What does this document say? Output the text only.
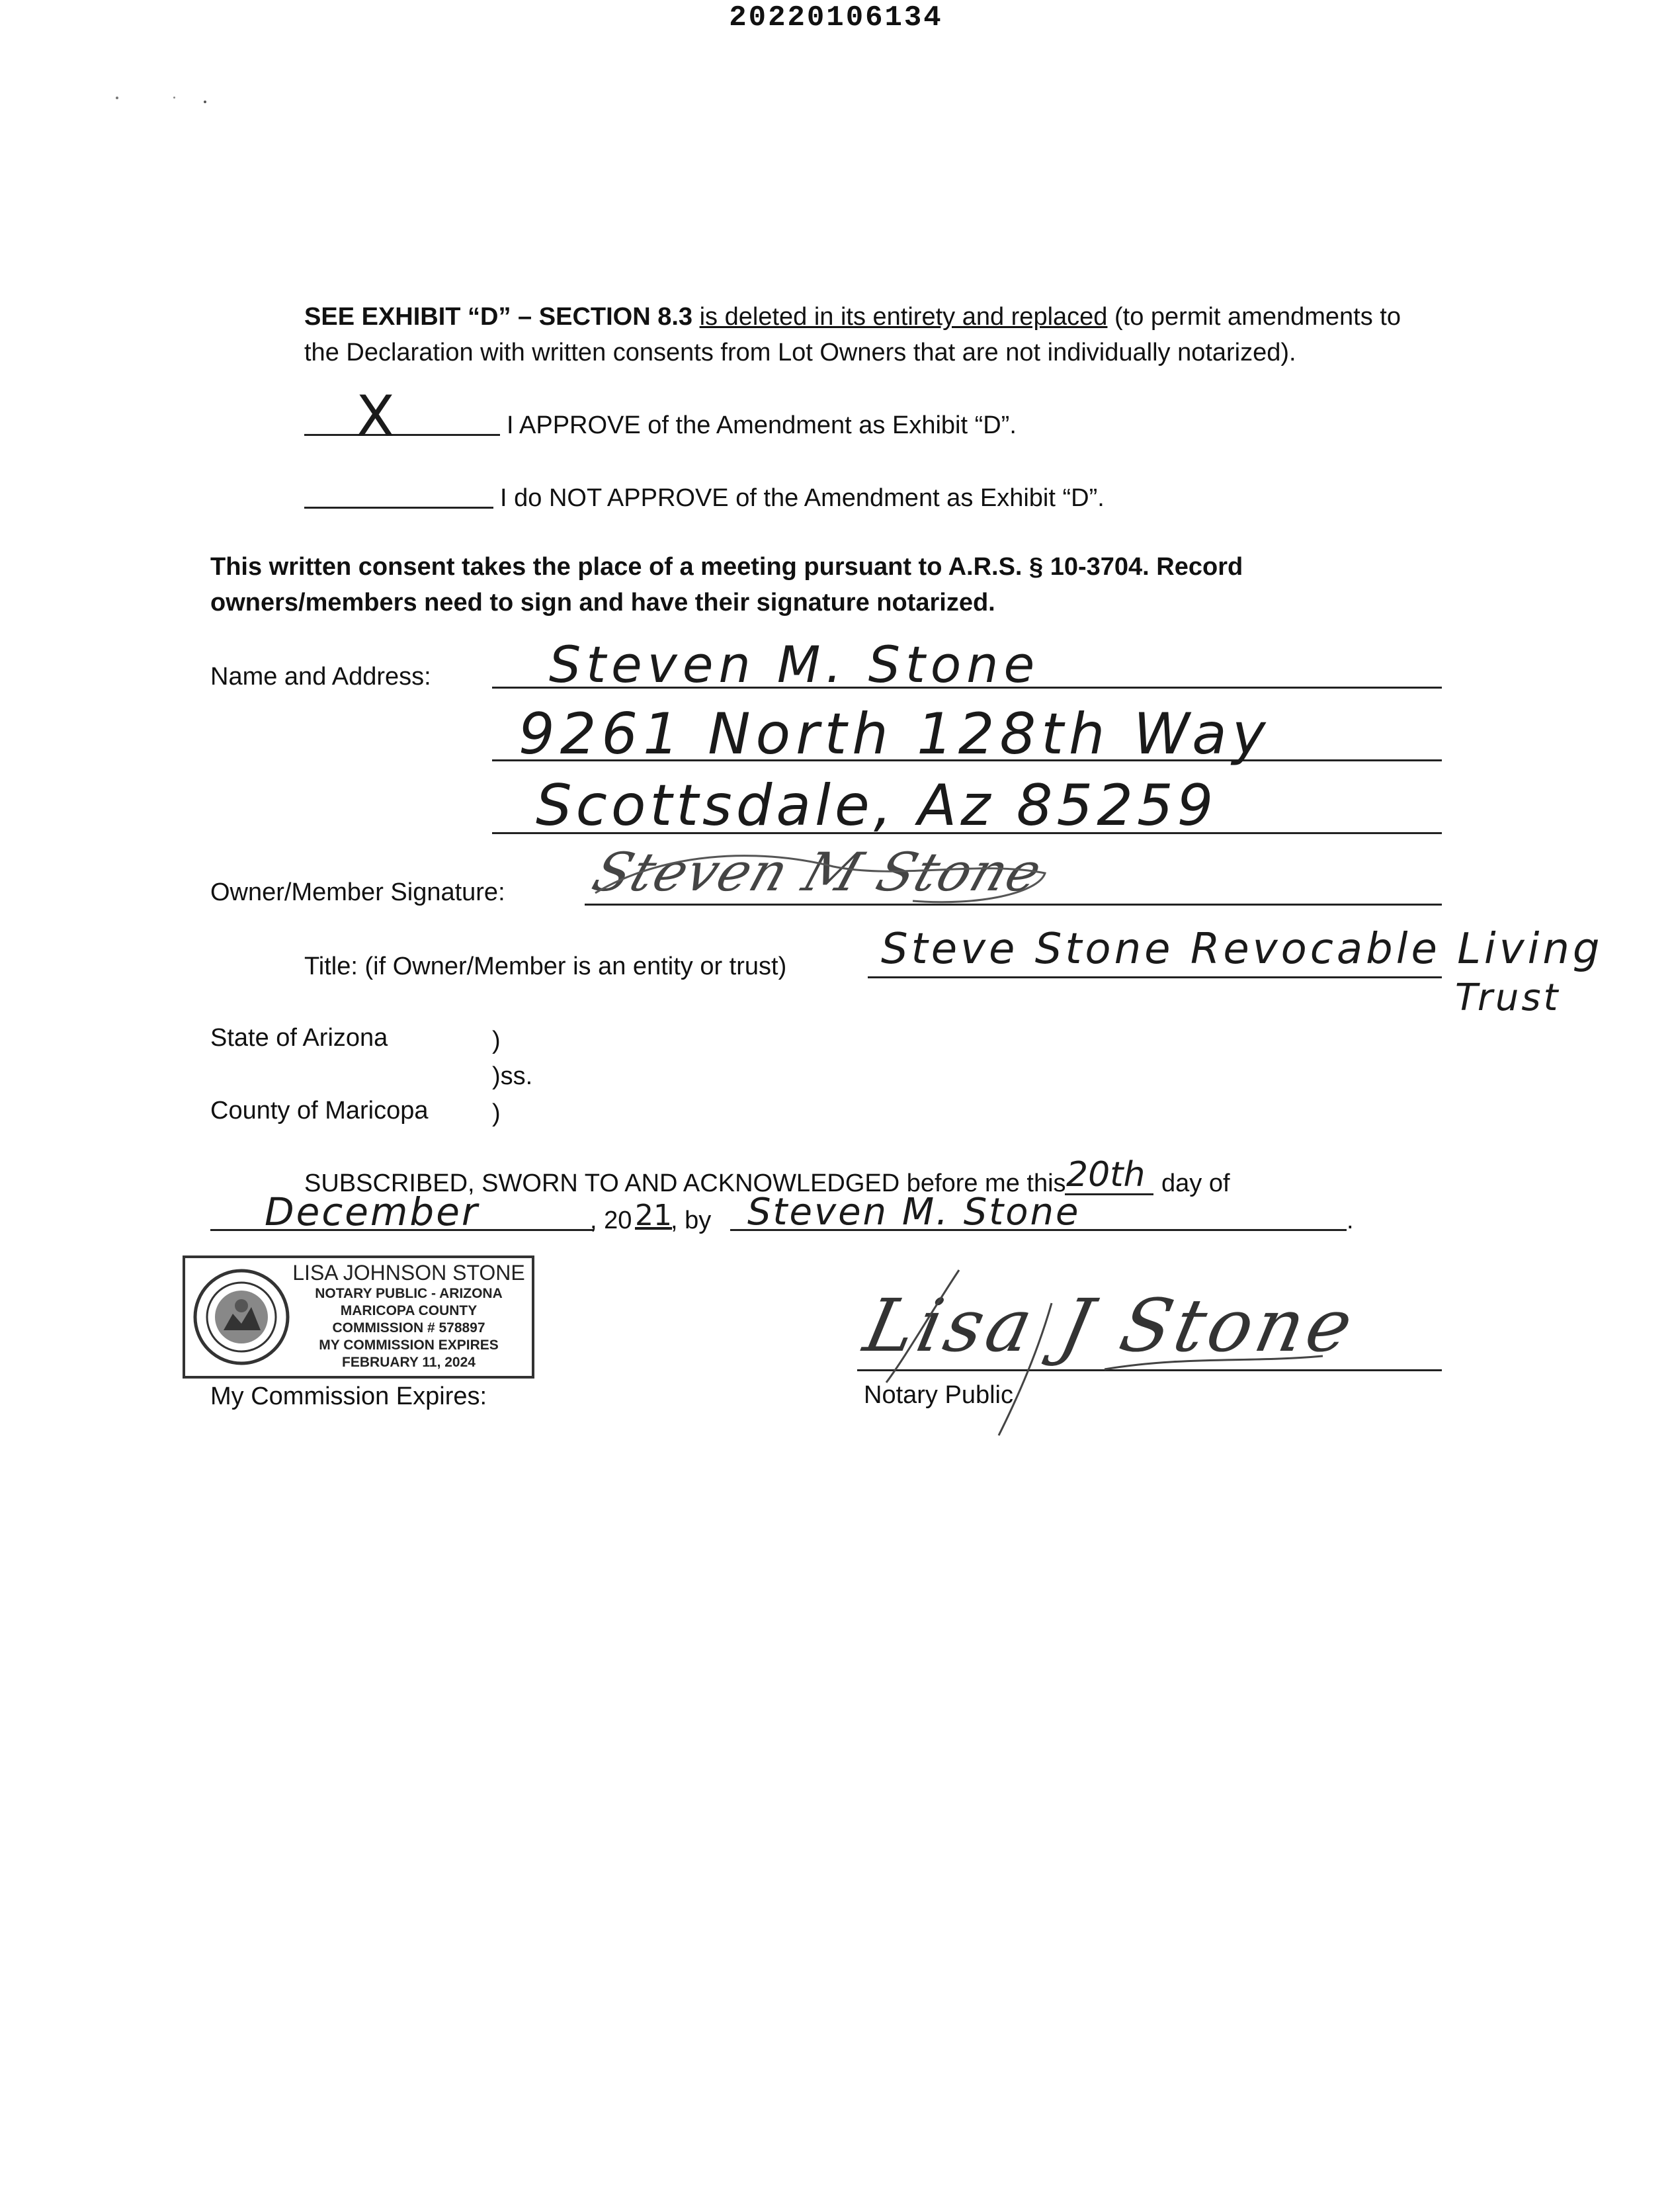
20220106134
SEE EXHIBIT “D” – SECTION 8.3 is deleted in its entirety and replaced (to permit amendments to
the Declaration with written consents from Lot Owners that are not individually notarized).
X	I APPROVE of the Amendment as Exhibit “D”.
I do NOT APPROVE of the Amendment as Exhibit “D”.
This written consent takes the place of a meeting pursuant to A.R.S. § 10-3704. Record
owners/members need to sign and have their signature notarized.
Name and Address: Steven M. Stone
9261 North 128th Way
Scottsdale, Az 85259
Owner/Member Signature: Steven M Stone
Title: (if Owner/Member is an entity or trust) Steve Stone Revocable Living
Trust
State of Arizona	)
)ss.
County of Maricopa	)
SUBSCRIBED, SWORN TO AND ACKNOWLEDGED before me this 20th day of
December	, 20 21
, by Steven M. Stone	.
LISA JOHNSON STONE
NOTARY PUBLIC - ARIZONA
MARICOPA COUNTY
COMMISSION # 578897
MY COMMISSION EXPIRES
FEBRUARY 11, 2024
My Commission Expires:
Lisa J Stone
Notary Public
